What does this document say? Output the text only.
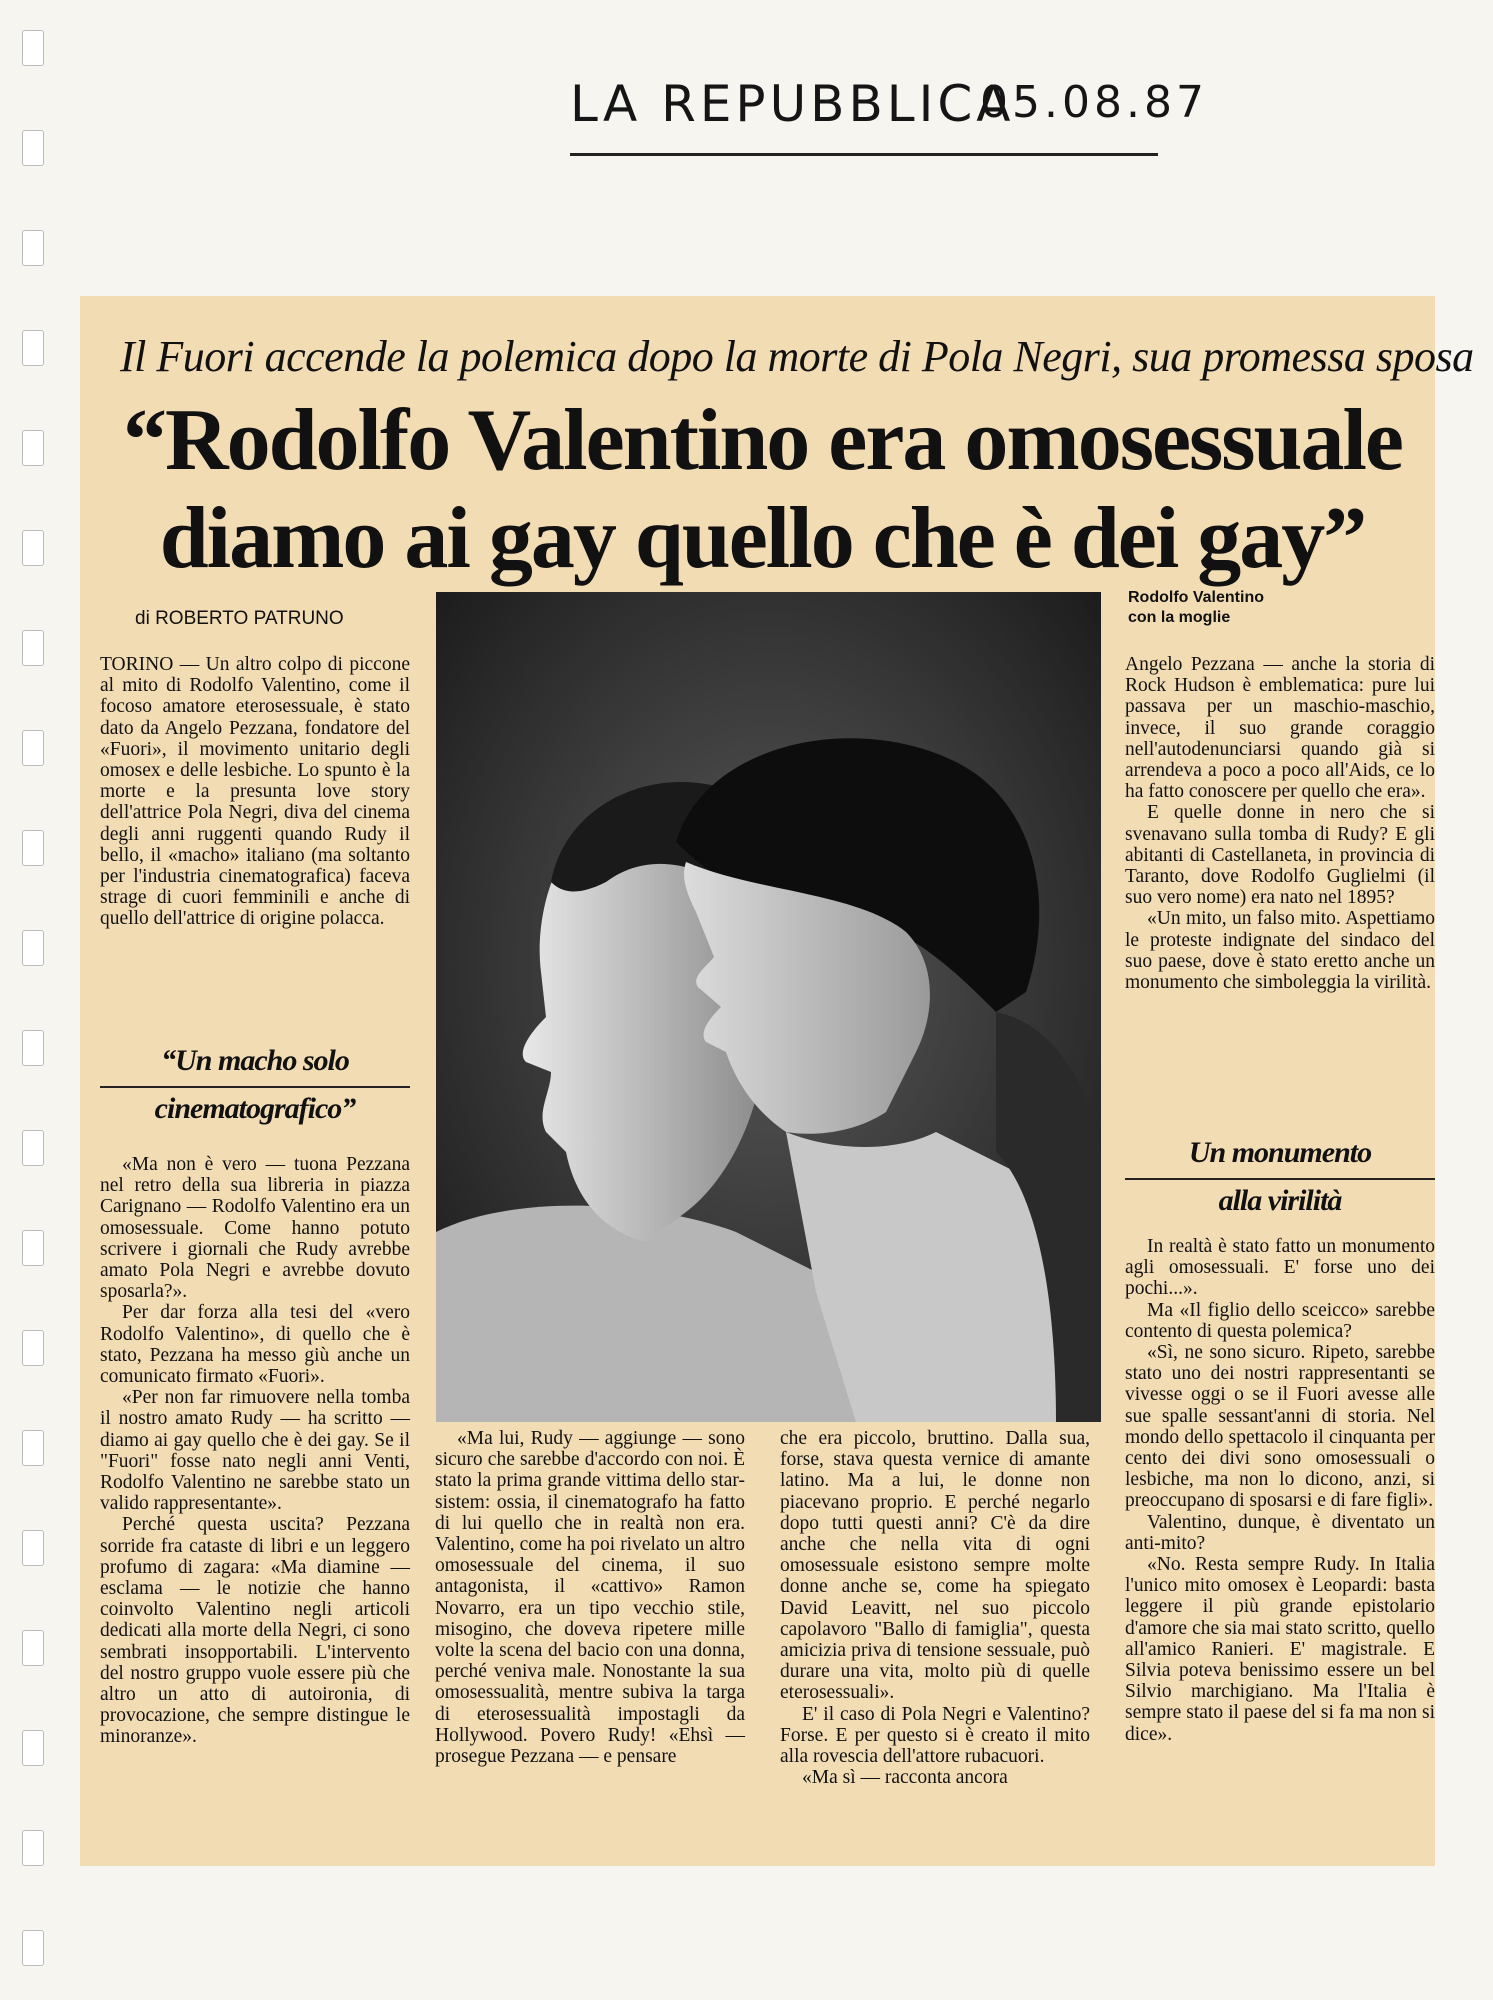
LA REPUBBLICA
05.08.87
Il Fuori accende la polemica dopo la morte di Pola Negri, sua promessa sposa
“Rodolfo Valentino era omosessuale
diamo ai gay quello che è dei gay”
di ROBERTO PATRUNO
Rodolfo Valentino
con la moglie

TORINO — Un altro colpo di piccone al mito di Rodolfo Valentino, come il focoso amatore eterosessuale, è stato dato da Angelo Pezzana, fondatore del «Fuori», il movimento unitario degli omosex e delle lesbiche. Lo spunto è la morte e la presunta love story dell'attrice Pola Negri, diva del cinema degli anni ruggenti quando Rudy il bello, il «macho» italiano (ma soltanto per l'industria cinematografica) faceva strage di cuori femminili e anche di quello dell'attrice di origine polacca.

“Un macho solo
cinematografico”

«Ma non è vero — tuona Pezzana nel retro della sua libreria in piazza Carignano — Rodolfo Valentino era un omosessuale. Come hanno potuto scrivere i giornali che Rudy avrebbe amato Pola Negri e avrebbe dovuto sposarla?».

Per dar forza alla tesi del «vero Rodolfo Valentino», di quello che è stato, Pezzana ha messo giù anche un comunicato firmato «Fuori».

«Per non far rimuovere nella tomba il nostro amato Rudy — ha scritto — diamo ai gay quello che è dei gay. Se il "Fuori" fosse nato negli anni Venti, Rodolfo Valentino ne sarebbe stato un valido rappresentante».

Perché questa uscita? Pezzana sorride fra cataste di libri e un leggero profumo di zagara: «Ma diamine — esclama — le notizie che hanno coinvolto Valentino negli articoli dedicati alla morte della Negri, ci sono sembrati insopportabili. L'intervento del nostro gruppo vuole essere più che altro un atto di autoironia, di provocazione, che sempre distingue le minoranze».

«Ma lui, Rudy — aggiunge — sono sicuro che sarebbe d'accordo con noi. È stato la prima grande vittima dello star-sistem: ossia, il cinematografo ha fatto di lui quello che in realtà non era. Valentino, come ha poi rivelato un altro omosessuale del cinema, il suo antagonista, il «cattivo» Ramon Novarro, era un tipo vecchio stile, misogino, che doveva ripetere mille volte la scena del bacio con una donna, perché veniva male. Nonostante la sua omosessualità, mentre subiva la targa di eterosessualità impostagli da Hollywood. Povero Rudy! «Ehsì — prosegue Pezzana — e pensare

che era piccolo, bruttino. Dalla sua, forse, stava questa vernice di amante latino. Ma a lui, le donne non piacevano proprio. E perché negarlo dopo tutti questi anni? C'è da dire anche che nella vita di ogni omosessuale esistono sempre molte donne anche se, come ha spiegato David Leavitt, nel suo piccolo capolavoro "Ballo di famiglia", questa amicizia priva di tensione sessuale, può durare una vita, molto più di quelle eterosessuali».

E' il caso di Pola Negri e Valentino? Forse. E per questo si è creato il mito alla rovescia dell'attore rubacuori.

«Ma sì — racconta ancora

Angelo Pezzana — anche la storia di Rock Hudson è emblematica: pure lui passava per un maschio-maschio, invece, il suo grande coraggio nell'autodenunciarsi quando già si arrendeva a poco a poco all'Aids, ce lo ha fatto conoscere per quello che era».

E quelle donne in nero che si svenavano sulla tomba di Rudy? E gli abitanti di Castellaneta, in provincia di Taranto, dove Rodolfo Guglielmi (il suo vero nome) era nato nel 1895?

«Un mito, un falso mito. Aspettiamo le proteste indignate del sindaco del suo paese, dove è stato eretto anche un monumento che simboleggia la virilità.

Un monumento
alla virilità

In realtà è stato fatto un monumento agli omosessuali. E' forse uno dei pochi...».

Ma «Il figlio dello sceicco» sarebbe contento di questa polemica?

«Sì, ne sono sicuro. Ripeto, sarebbe stato uno dei nostri rappresentanti se vivesse oggi o se il Fuori avesse alle sue spalle sessant'anni di storia. Nel mondo dello spettacolo il cinquanta per cento dei divi sono omosessuali o lesbiche, ma non lo dicono, anzi, si preoccupano di sposarsi e di fare figli».

Valentino, dunque, è diventato un anti-mito?

«No. Resta sempre Rudy. In Italia l'unico mito omosex è Leopardi: basta leggere il più grande epistolario d'amore che sia mai stato scritto, quello all'amico Ranieri. E' magistrale. E Silvia poteva benissimo essere un bel Silvio marchigiano. Ma l'Italia è sempre stato il paese del si fa ma non si dice».
